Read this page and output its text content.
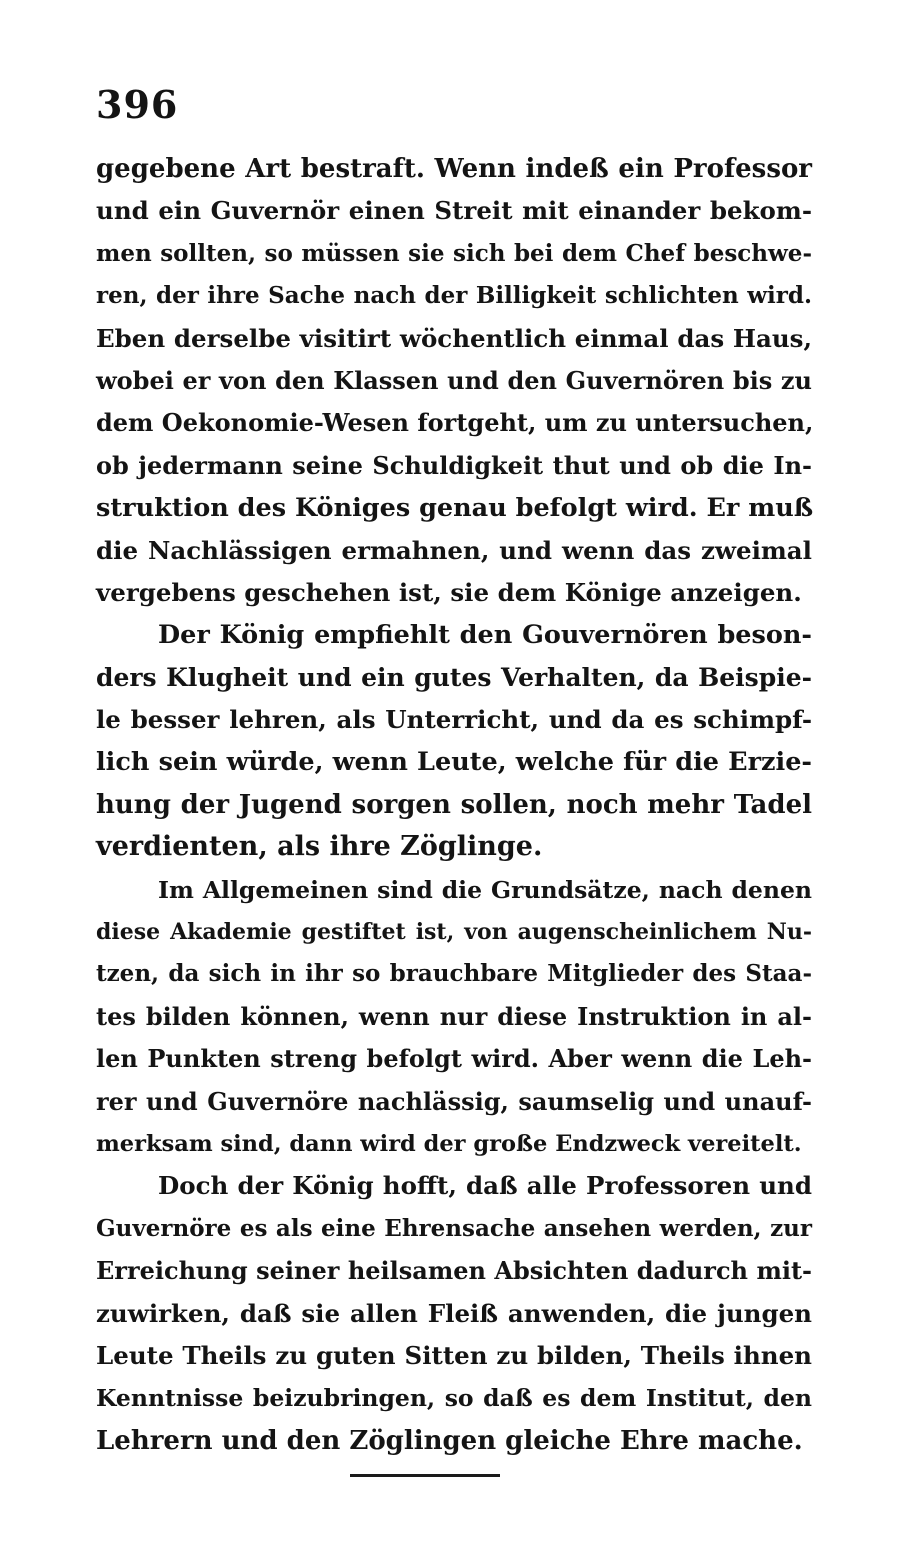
396
gegebene Art bestraft. Wenn indeß ein Professor
und ein Guvernör einen Streit mit einander bekom-
men sollten, so müssen sie sich bei dem Chef beschwe-
ren, der ihre Sache nach der Billigkeit schlichten wird.
Eben derselbe visitirt wöchentlich einmal das Haus,
wobei er von den Klassen und den Guvernören bis zu
dem Oekonomie-Wesen fortgeht, um zu untersuchen,
ob jedermann seine Schuldigkeit thut und ob die In-
struktion des Königes genau befolgt wird. Er muß
die Nachlässigen ermahnen, und wenn das zweimal
vergebens geschehen ist, sie dem Könige anzeigen.
Der König empfiehlt den Gouvernören beson-
ders Klugheit und ein gutes Verhalten, da Beispie-
le besser lehren, als Unterricht, und da es schimpf-
lich sein würde, wenn Leute, welche für die Erzie-
hung der Jugend sorgen sollen, noch mehr Tadel
verdienten, als ihre Zöglinge.
Im Allgemeinen sind die Grundsätze, nach denen
diese Akademie gestiftet ist, von augenscheinlichem Nu-
tzen, da sich in ihr so brauchbare Mitglieder des Staa-
tes bilden können, wenn nur diese Instruktion in al-
len Punkten streng befolgt wird. Aber wenn die Leh-
rer und Guvernöre nachlässig, saumselig und unauf-
merksam sind, dann wird der große Endzweck vereitelt.
Doch der König hofft, daß alle Professoren und
Guvernöre es als eine Ehrensache ansehen werden, zur
Erreichung seiner heilsamen Absichten dadurch mit-
zuwirken, daß sie allen Fleiß anwenden, die jungen
Leute Theils zu guten Sitten zu bilden, Theils ihnen
Kenntnisse beizubringen, so daß es dem Institut, den
Lehrern und den Zöglingen gleiche Ehre mache.
